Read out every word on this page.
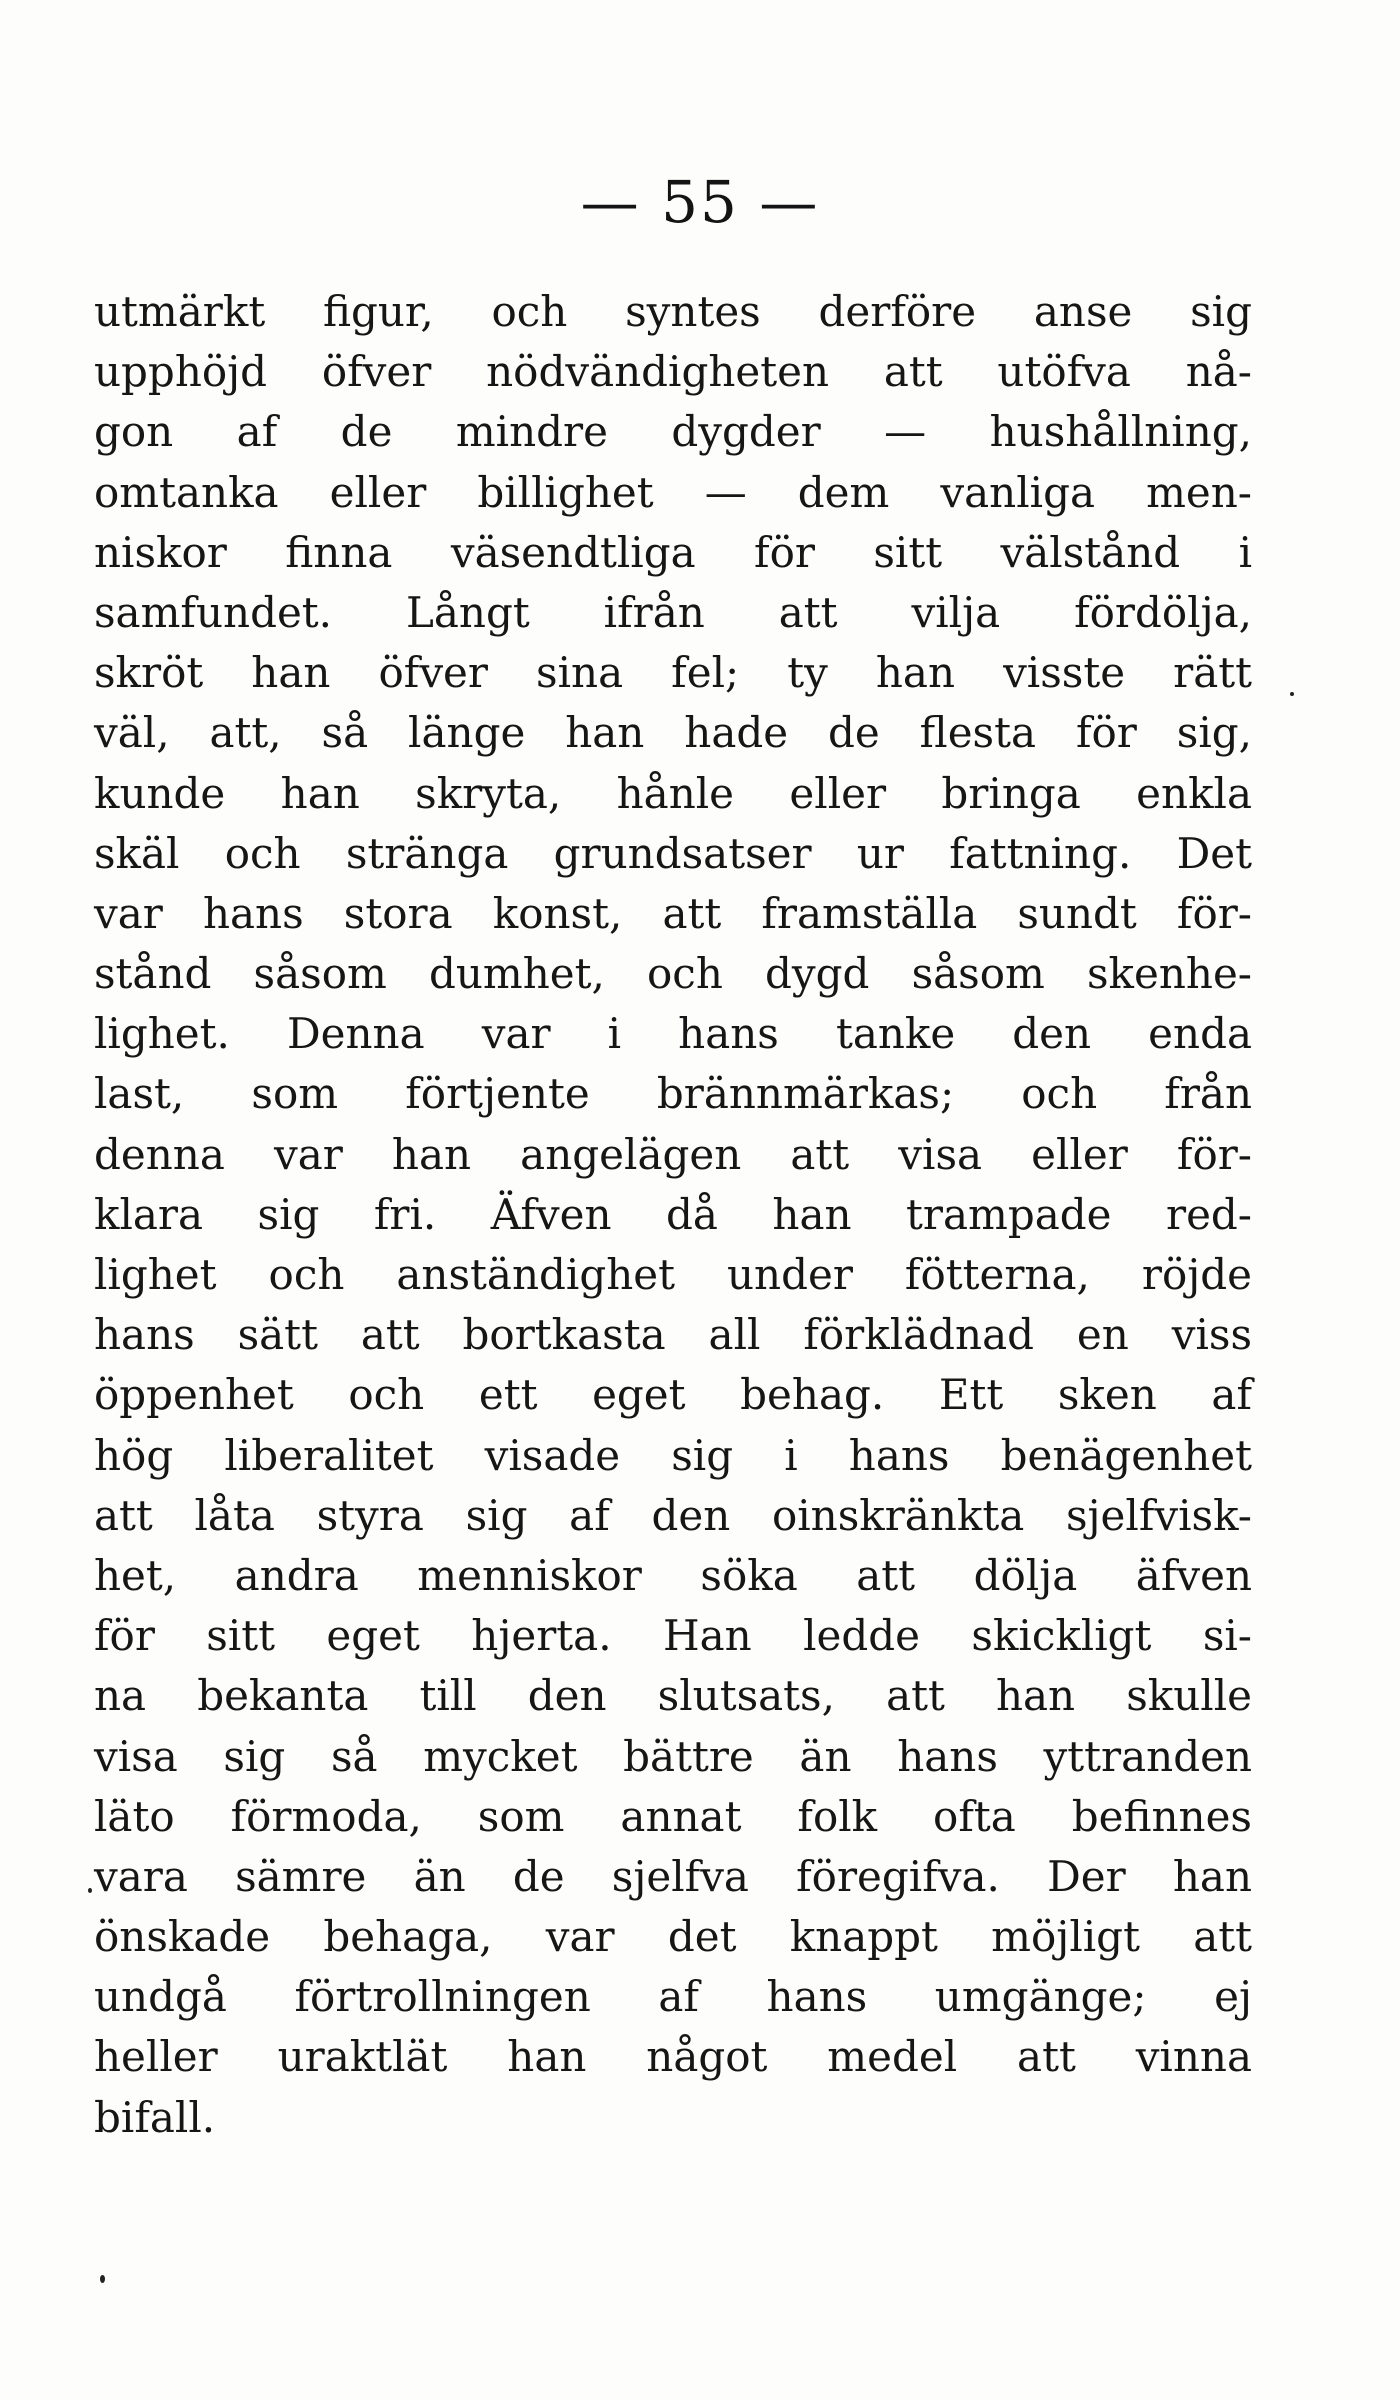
— 55 —
utmärkt figur, och syntes derföre anse sig
upphöjd öfver nödvändigheten att utöfva nå-
gon af de mindre dygder — hushållning,
omtanka eller billighet — dem vanliga men-
niskor finna väsendtliga för sitt välstånd i
samfundet. Långt ifrån att vilja fördölja,
skröt han öfver sina fel; ty han visste rätt
väl, att, så länge han hade de flesta för sig,
kunde han skryta, hånle eller bringa enkla
skäl och stränga grundsatser ur fattning. Det
var hans stora konst, att framställa sundt för-
stånd såsom dumhet, och dygd såsom skenhe-
lighet. Denna var i hans tanke den enda
last, som förtjente brännmärkas; och från
denna var han angelägen att visa eller för-
klara sig fri. Äfven då han trampade red-
lighet och anständighet under fötterna, röjde
hans sätt att bortkasta all förklädnad en viss
öppenhet och ett eget behag. Ett sken af
hög liberalitet visade sig i hans benägenhet
att låta styra sig af den oinskränkta sjelfvisk-
het, andra menniskor söka att dölja äfven
för sitt eget hjerta. Han ledde skickligt si-
na bekanta till den slutsats, att han skulle
visa sig så mycket bättre än hans yttranden
läto förmoda, som annat folk ofta befinnes
vara sämre än de sjelfva föregifva. Der han
önskade behaga, var det knappt möjligt att
undgå förtrollningen af hans umgänge; ej
heller uraktlät han något medel att vinna
bifall.
